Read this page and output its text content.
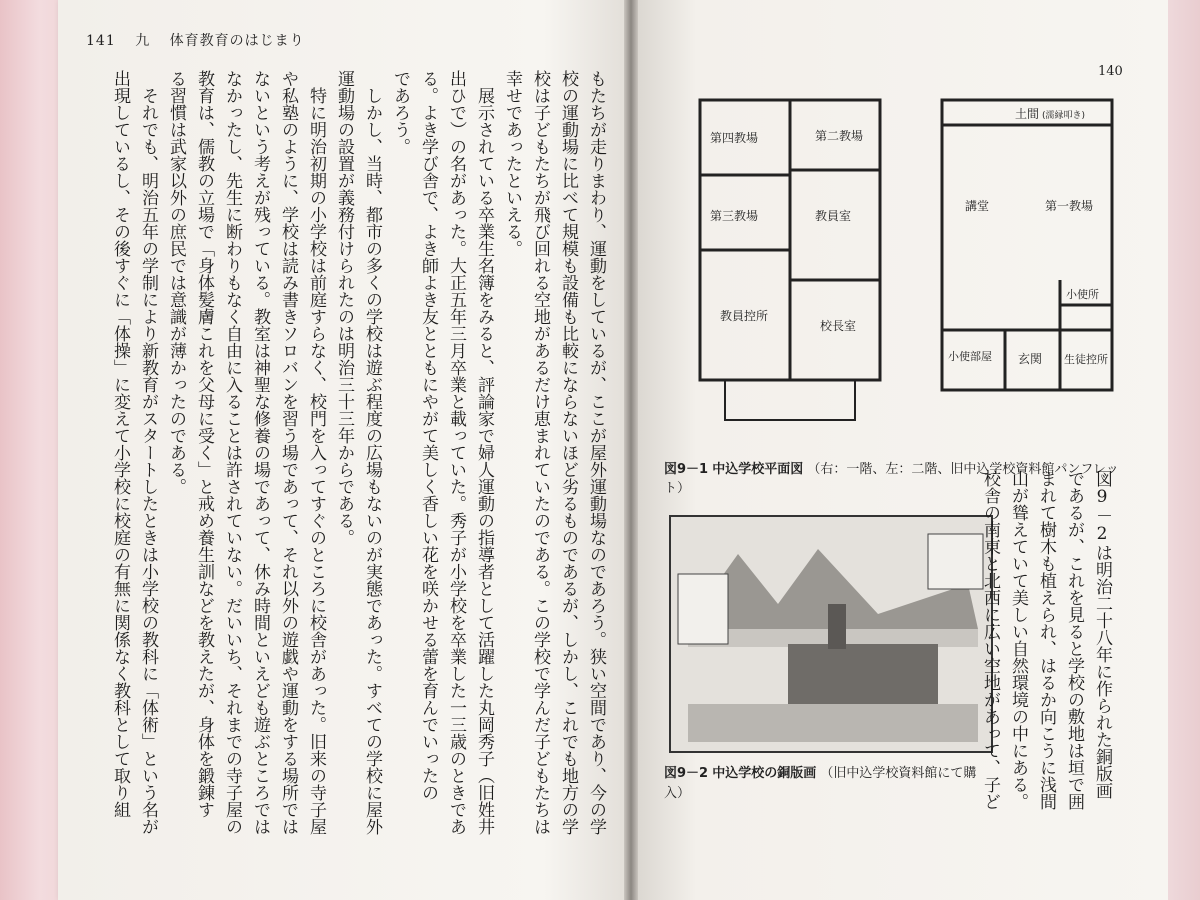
141 九 体育教育のはじまり
もたちが走りまわり、運動をしているが、ここが屋外運動場なのであろう。狭い空間であり、今の学
校の運動場に比べて規模も設備も比較にならないほど劣るものであるが、しかし、これでも地方の学
校は子どもたちが飛び回れる空地があるだけ恵まれていたのである。この学校で学んだ子どもたちは
幸せであったといえる。
　展示されている卒業生名簿をみると、評論家で婦人運動の指導者として活躍した丸岡秀子（旧姓井
出ひで）の名があった。大正五年三月卒業と載っていた。秀子が小学校を卒業した一三歳のときであ
る。よき学び舎で、よき師よき友とともにやがて美しく香しい花を咲かせる蕾を育んでいったの
であろう。
　しかし、当時、都市の多くの学校は遊ぶ程度の広場もないのが実態であった。すべての学校に屋外
運動場の設置が義務付けられたのは明治三十三年からである。
　特に明治初期の小学校は前庭すらなく、校門を入ってすぐのところに校舎があった。旧来の寺子屋
や私塾のように、学校は読み書きソロバンを習う場であって、それ以外の遊戯や運動をする場所では
ないという考えが残っている。教室は神聖な修養の場であって、休み時間といえども遊ぶところでは
なかったし、先生に断わりもなく自由に入ることは許されていない。だいいち、それまでの寺子屋の
教育は、儒教の立場で「身体髪膚これを父母に受く」と戒め養生訓などを教えたが、身体を鍛錬す
る習慣は武家以外の庶民では意識が薄かったのである。
　それでも、明治五年の学制により新教育がスタートしたときは小学校の教科に「体術」という名が
出現しているし、その後すぐに「体操」に変えて小学校に校庭の有無に関係なく教科として取り組	140
第四教場	第二教場
第三教場	教員室
教員控所
校長室
土間 (濡縁叩き)
講堂	第一教場
小使所
小使部屋 玄関 生徒控所
図9－1 中込学校平面図 （右：一階、左：二階、旧中込学校資料館パンフレット）
図9－2 中込学校の銅版画 （旧中込学校資料館にて購入）	図9－2は明治二十八年に作られた銅版画
であるが、これを見ると学校の敷地は垣で囲
まれて樹木も植えられ、はるか向こうに浅間
山が聳えていて美しい自然環境の中にある。
校舎の南東と北西に広い空地があって、子ど
